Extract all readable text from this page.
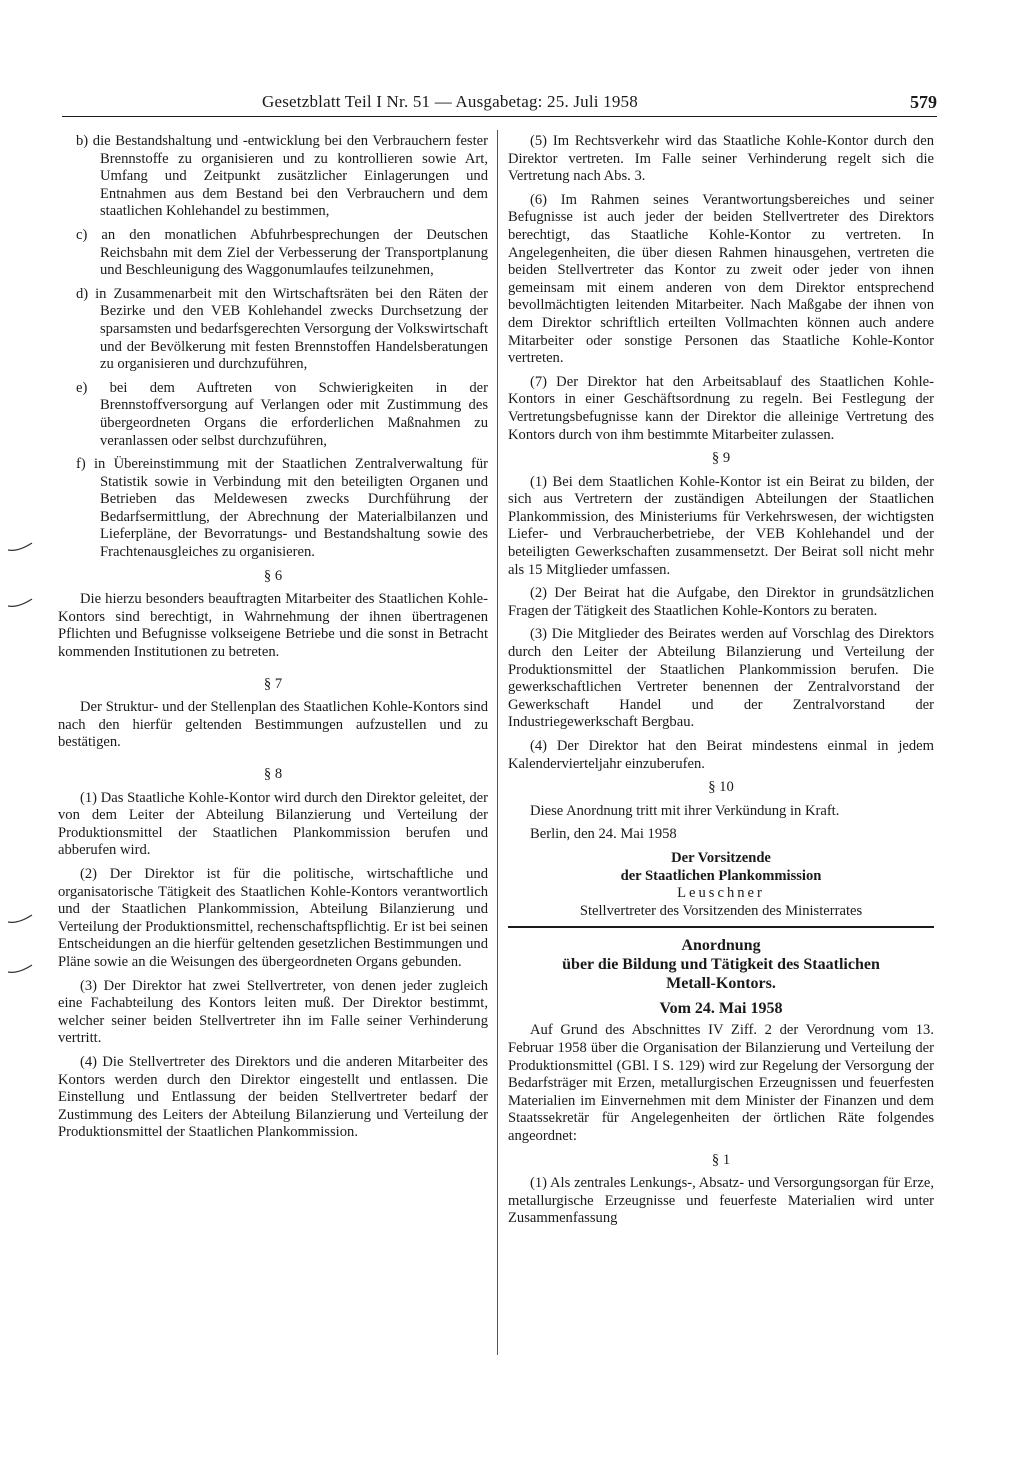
Gesetzblatt Teil I Nr. 51 — Ausgabetag: 25. Juli 1958	579

b) die Bestandshaltung und -entwicklung bei den Verbrauchern fester Brennstoffe zu organisieren und zu kontrollieren sowie Art, Umfang und Zeitpunkt zusätzlicher Einlagerungen und Entnahmen aus dem Bestand bei den Verbrauchern und dem staatlichen Kohlehandel zu bestimmen,

c) an den monatlichen Abfuhrbesprechungen der Deutschen Reichsbahn mit dem Ziel der Verbesserung der Transportplanung und Beschleunigung des Waggonumlaufes teilzunehmen,

d) in Zusammenarbeit mit den Wirtschaftsräten bei den Räten der Bezirke und den VEB Kohlehandel zwecks Durchsetzung der sparsamsten und bedarfsgerechten Versorgung der Volkswirtschaft und der Bevölkerung mit festen Brennstoffen Handelsberatungen zu organisieren und durchzuführen,

e) bei dem Auftreten von Schwierigkeiten in der Brennstoffversorgung auf Verlangen oder mit Zustimmung des übergeordneten Organs die erforderlichen Maßnahmen zu veranlassen oder selbst durchzuführen,

f) in Übereinstimmung mit der Staatlichen Zentralverwaltung für Statistik sowie in Verbindung mit den beteiligten Organen und Betrieben das Meldewesen zwecks Durchführung der Bedarfsermittlung, der Abrechnung der Materialbilanzen und Lieferpläne, der Bevorratungs- und Bestandshaltung sowie des Frachtenausgleiches zu organisieren.

§ 6

Die hierzu besonders beauftragten Mitarbeiter des Staatlichen Kohle-Kontors sind berechtigt, in Wahrnehmung der ihnen übertragenen Pflichten und Befugnisse volkseigene Betriebe und die sonst in Betracht kommenden Institutionen zu betreten.

§ 7

Der Struktur- und der Stellenplan des Staatlichen Kohle-Kontors sind nach den hierfür geltenden Bestimmungen aufzustellen und zu bestätigen.

§ 8

(1) Das Staatliche Kohle-Kontor wird durch den Direktor geleitet, der von dem Leiter der Abteilung Bilanzierung und Verteilung der Produktionsmittel der Staatlichen Plankommission berufen und abberufen wird.

(2) Der Direktor ist für die politische, wirtschaftliche und organisatorische Tätigkeit des Staatlichen Kohle-Kontors verantwortlich und der Staatlichen Plankommission, Abteilung Bilanzierung und Verteilung der Produktionsmittel, rechenschaftspflichtig. Er ist bei seinen Entscheidungen an die hierfür geltenden gesetzlichen Bestimmungen und Pläne sowie an die Weisungen des übergeordneten Organs gebunden.

(3) Der Direktor hat zwei Stellvertreter, von denen jeder zugleich eine Fachabteilung des Kontors leiten muß. Der Direktor bestimmt, welcher seiner beiden Stellvertreter ihn im Falle seiner Verhinderung vertritt.

(4) Die Stellvertreter des Direktors und die anderen Mitarbeiter des Kontors werden durch den Direktor eingestellt und entlassen. Die Einstellung und Entlassung der beiden Stellvertreter bedarf der Zustimmung des Leiters der Abteilung Bilanzierung und Verteilung der Produktionsmittel der Staatlichen Plankommission.

(5) Im Rechtsverkehr wird das Staatliche Kohle-Kontor durch den Direktor vertreten. Im Falle seiner Verhinderung regelt sich die Vertretung nach Abs. 3.

(6) Im Rahmen seines Verantwortungsbereiches und seiner Befugnisse ist auch jeder der beiden Stellvertreter des Direktors berechtigt, das Staatliche Kohle-Kontor zu vertreten. In Angelegenheiten, die über diesen Rahmen hinausgehen, vertreten die beiden Stellvertreter das Kontor zu zweit oder jeder von ihnen gemeinsam mit einem anderen von dem Direktor entsprechend bevollmächtigten leitenden Mitarbeiter. Nach Maßgabe der ihnen von dem Direktor schriftlich erteilten Vollmachten können auch andere Mitarbeiter oder sonstige Personen das Staatliche Kohle-Kontor vertreten.

(7) Der Direktor hat den Arbeitsablauf des Staatlichen Kohle-Kontors in einer Geschäftsordnung zu regeln. Bei Festlegung der Vertretungsbefugnisse kann der Direktor die alleinige Vertretung des Kontors durch von ihm bestimmte Mitarbeiter zulassen.

§ 9

(1) Bei dem Staatlichen Kohle-Kontor ist ein Beirat zu bilden, der sich aus Vertretern der zuständigen Abteilungen der Staatlichen Plankommission, des Ministeriums für Verkehrswesen, der wichtigsten Liefer- und Verbraucherbetriebe, der VEB Kohlehandel und der beteiligten Gewerkschaften zusammensetzt. Der Beirat soll nicht mehr als 15 Mitglieder umfassen.

(2) Der Beirat hat die Aufgabe, den Direktor in grundsätzlichen Fragen der Tätigkeit des Staatlichen Kohle-Kontors zu beraten.

(3) Die Mitglieder des Beirates werden auf Vorschlag des Direktors durch den Leiter der Abteilung Bilanzierung und Verteilung der Produktionsmittel der Staatlichen Plankommission berufen. Die gewerkschaftlichen Vertreter benennen der Zentralvorstand der Gewerkschaft Handel und der Zentralvorstand der Industriegewerkschaft Bergbau.

(4) Der Direktor hat den Beirat mindestens einmal in jedem Kalendervierteljahr einzuberufen.

§ 10

Diese Anordnung tritt mit ihrer Verkündung in Kraft.

Berlin, den 24. Mai 1958

Der Vorsitzende

der Staatlichen Plankommission

Leuschner

Stellvertreter des Vorsitzenden des Ministerrates

Anordnung

über die Bildung und Tätigkeit des Staatlichen

Metall-Kontors.

Vom 24. Mai 1958

Auf Grund des Abschnittes IV Ziff. 2 der Verordnung vom 13. Februar 1958 über die Organisation der Bilanzierung und Verteilung der Produktionsmittel (GBl. I S. 129) wird zur Regelung der Versorgung der Bedarfsträger mit Erzen, metallurgischen Erzeugnissen und feuerfesten Materialien im Einvernehmen mit dem Minister der Finanzen und dem Staatssekretär für Angelegenheiten der örtlichen Räte folgendes angeordnet:

§ 1

(1) Als zentrales Lenkungs-, Absatz- und Versorgungsorgan für Erze, metallurgische Erzeugnisse und feuerfeste Materialien wird unter Zusammenfassung
